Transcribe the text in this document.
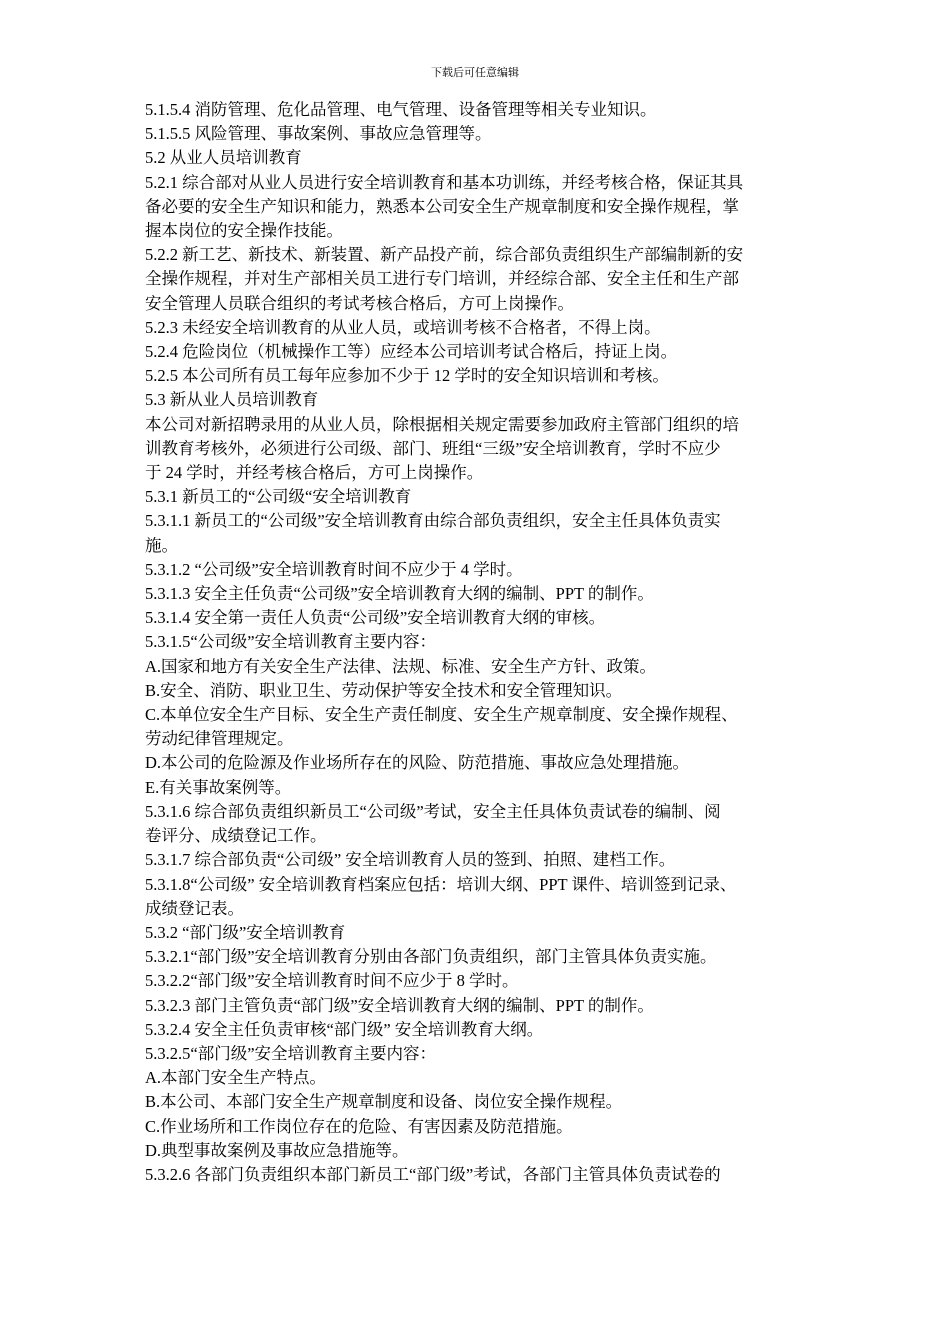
下载后可任意编辑

5.1.5.4 消防管理、危化品管理、电气管理、设备管理等相关专业知识。

5.1.5.5 风险管理、事故案例、事故应急管理等。

5.2 从业人员培训教育

5.2.1 综合部对从业人员进行安全培训教育和基本功训练，并经考核合格，保证其具
备必要的安全生产知识和能力，熟悉本公司安全生产规章制度和安全操作规程，掌
握本岗位的安全操作技能。

5.2.2 新工艺、新技术、新装置、新产品投产前，综合部负责组织生产部编制新的安
全操作规程，并对生产部相关员工进行专门培训，并经综合部、安全主任和生产部
安全管理人员联合组织的考试考核合格后，方可上岗操作。

5.2.3 未经安全培训教育的从业人员，或培训考核不合格者，不得上岗。

5.2.4 危险岗位（机械操作工等）应经本公司培训考试合格后，持证上岗。

5.2.5 本公司所有员工每年应参加不少于 12 学时的安全知识培训和考核。

5.3 新从业人员培训教育

本公司对新招聘录用的从业人员，除根据相关规定需要参加政府主管部门组织的培
训教育考核外，必须进行公司级、部门、班组“三级”安全培训教育，学时不应少
于 24 学时，并经考核合格后，方可上岗操作。

5.3.1 新员工的“公司级“安全培训教育

5.3.1.1 新员工的“公司级”安全培训教育由综合部负责组织，安全主任具体负责实
施。

5.3.1.2 “公司级”安全培训教育时间不应少于 4 学时。

5.3.1.3 安全主任负责“公司级”安全培训教育大纲的编制、PPT 的制作。

5.3.1.4 安全第一责任人负责“公司级”安全培训教育大纲的审核。

5.3.1.5“公司级”安全培训教育主要内容：

A.国家和地方有关安全生产法律、法规、标准、安全生产方针、政策。

B.安全、消防、职业卫生、劳动保护等安全技术和安全管理知识。

C.本单位安全生产目标、安全生产责任制度、安全生产规章制度、安全操作规程、
劳动纪律管理规定。

D.本公司的危险源及作业场所存在的风险、防范措施、事故应急处理措施。

E.有关事故案例等。

5.3.1.6 综合部负责组织新员工“公司级”考试，安全主任具体负责试卷的编制、阅
卷评分、成绩登记工作。

5.3.1.7 综合部负责“公司级” 安全培训教育人员的签到、拍照、建档工作。

5.3.1.8“公司级” 安全培训教育档案应包括：培训大纲、PPT 课件、培训签到记录、
成绩登记表。

5.3.2 “部门级”安全培训教育

5.3.2.1“部门级”安全培训教育分别由各部门负责组织，部门主管具体负责实施。

5.3.2.2“部门级”安全培训教育时间不应少于 8 学时。

5.3.2.3 部门主管负责“部门级”安全培训教育大纲的编制、PPT 的制作。

5.3.2.4 安全主任负责审核“部门级” 安全培训教育大纲。

5.3.2.5“部门级”安全培训教育主要内容：

A.本部门安全生产特点。

B.本公司、本部门安全生产规章制度和设备、岗位安全操作规程。

C.作业场所和工作岗位存在的危险、有害因素及防范措施。

D.典型事故案例及事故应急措施等。

5.3.2.6 各部门负责组织本部门新员工“部门级”考试，各部门主管具体负责试卷的
